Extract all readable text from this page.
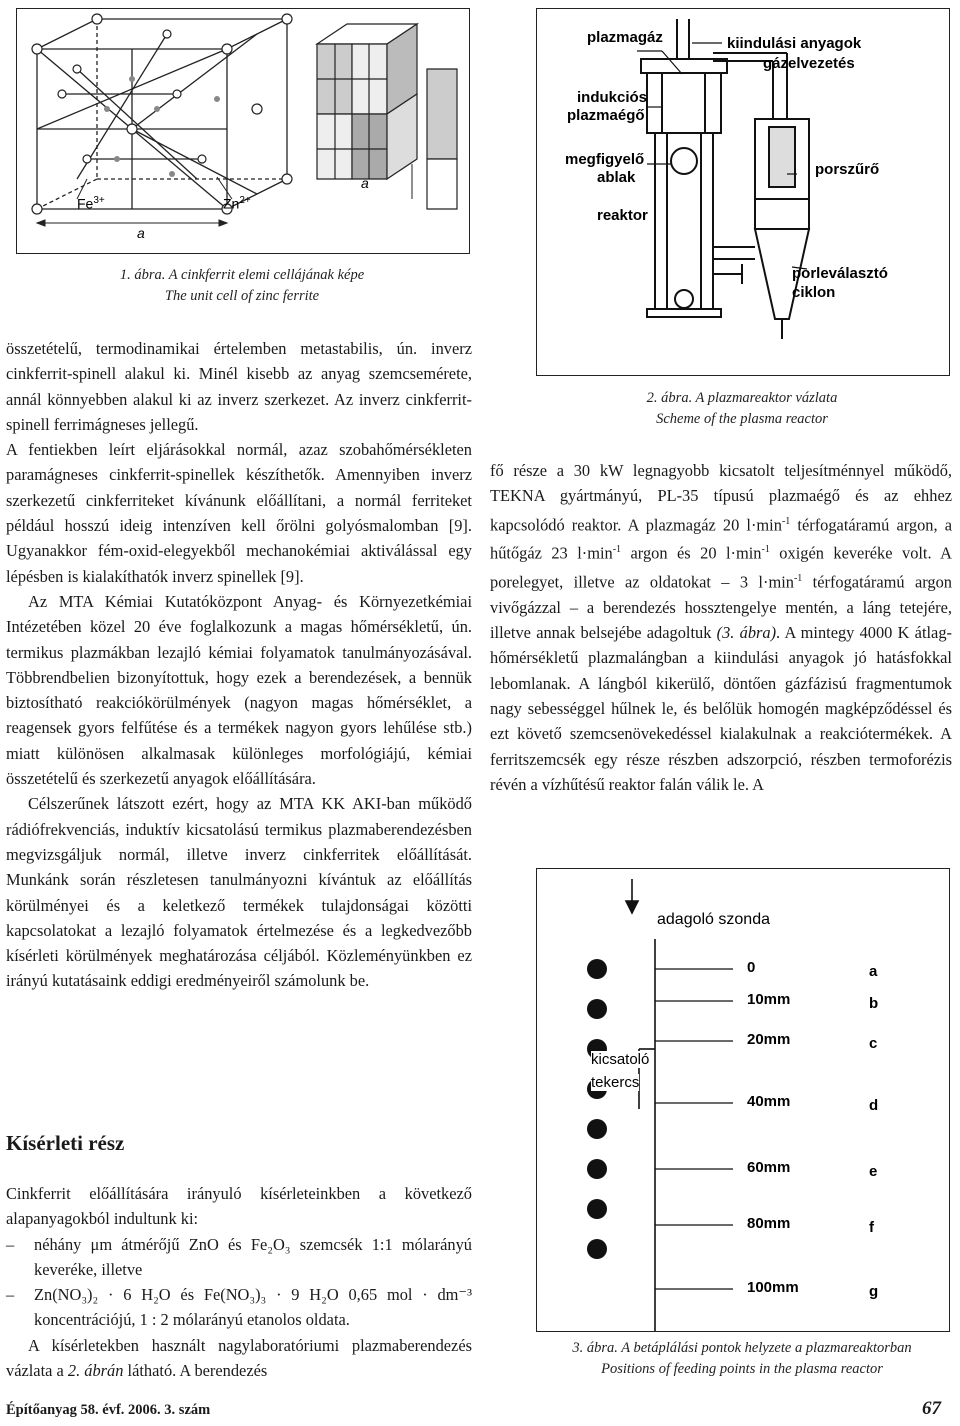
$Fe^{3+}$	$Zn^{2+}$
a
a
1. ábra. A cinkferrit elemi cellájának képe
The unit cell of zinc ferrite
plazmagáz	kiindulási anyagok
gázelvezetés
indukciós
plazmaégő
megfigyelő
ablak	porszűrő
reaktor
porleválasztó
ciklon
2. ábra. A plazmareaktor vázlata
Scheme of the plasma reactor

összetételű, termodinamikai értelemben metastabilis, ún. inverz cinkferrit-spinell alakul ki. Minél kisebb az anyag szemcsemérete, annál könnyebben alakul ki az inverz szerkezet. Az inverz cinkferrit-spinell ferrimágneses jellegű.

A fentiekben leírt eljárásokkal normál, azaz szobahőmérsékleten paramágneses cinkferrit-spinellek készíthetők. Amennyiben inverz szerkezetű cinkferriteket kívánunk előállítani, a normál ferriteket például hosszú ideig intenzíven kell őrölni golyósmalomban [9]. Ugyanakkor fém-oxid-elegyekből mechanokémiai aktiválással egy lépésben is kialakíthatók inverz spinellek [9].

Az MTA Kémiai Kutatóközpont Anyag- és Környezetkémiai Intézetében közel 20 éve foglalkozunk a magas hőmérsékletű, ún. termikus plazmákban lezajló kémiai folyamatok tanulmányozásával. Többrendbelien bizonyítottuk, hogy ezek a berendezések, a bennük biztosítható reakciókörülmények (nagyon magas hőmérséklet, a reagensek gyors felfűtése és a termékek nagyon gyors lehűlése stb.) miatt különösen alkalmasak különleges morfológiájú, kémiai összetételű és szerkezetű anyagok előállítására.

Célszerűnek látszott ezért, hogy az MTA KK AKI-ban működő rádiófrekvenciás, induktív kicsatolású termikus plazmaberendezésben megvizsgáljuk normál, illetve inverz cinkferritek előállítását. Munkánk során részletesen tanulmányozni kívántuk az előállítás körülményei és a keletkező termékek tulajdonságai közötti kapcsolatokat a lezajló folyamatok értelmezése és a legkedvezőbb kísérleti körülmények meghatározása céljából. Közleményünkben ez irányú kutatásaink eddigi eredményeiről számolunk be.

Kísérleti rész

Cinkferrit előállítására irányuló kísérleteinkben a következő alapanyagokból indultunk ki:

– néhány μm átmérőjű ZnO és Fe₂O₃ szemcsék 1:1 mólarányú keveréke, illetve
– Zn(NO₃)₂ · 6 H₂O és Fe(NO₃)₃ · 9 H₂O 0,65 mol · dm⁻³ koncentrációjú, 1 : 2 mólarányú etanolos oldata.

A kísérletekben használt nagylaboratóriumi plazmaberendezés vázlata a 2. ábrán látható. A berendezés

fő része a 30 kW legnagyobb kicsatolt teljesítménnyel működő, TEKNA gyártmányú, PL-35 típusú plazmaégő és az ehhez kapcsolódó reaktor. A plazmagáz 20 $l\cdot\min^{-1}$ térfogatáramú argon, a hűtőgáz 23 $l\cdot\min^{-1}$ argon és 20 $l\cdot\min^{-1}$ oxigén keveréke volt. A porelegyet, illetve az oldatokat – 3 $l\cdot\min^{-1}$ térfogatáramú argon vivőgázzal – a berendezés hossztengelye mentén, a láng tetejére, illetve annak belsejébe adagoltuk (3. ábra). A mintegy 4000 K átlag-hőmérsékletű plazmalángban a kiindulási anyagok jó hatásfokkal lebomlanak. A lángból kikerülő, döntően gázfázisú fragmentumok nagy sebességgel hűlnek le, és belőlük homogén magképződéssel és ezt követő szemcsenövekedéssel kialakulnak a reakciótermékek. A ferritszemcsék egy része részben adszorpció, részben termoforézis révén a vízhűtésű reaktor falán válik le. A

adagoló szonda
kicsatoló
tekercs
0	a
10mm	b
20mm	c
40mm	d
60mm	e
80mm	f
100mm	g
3. ábra. A betáplálási pontok helyzete a plazmareaktorban
Positions of feeding points in the plasma reactor
Építőanyag 58. évf. 2006. 3. szám	67
